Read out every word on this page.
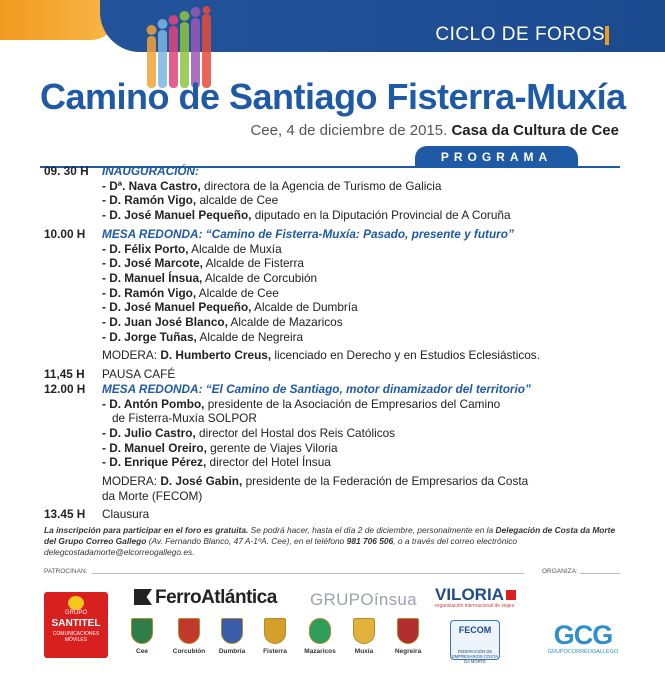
CICLO DE FOROS
Camino de Santiago Fisterra-Muxía
Cee, 4 de diciembre de 2015. Casa da Cultura de Cee
PROGRAMA
09. 30 H INAUGURACIÓN:
- Dª. Nava Castro, directora de la Agencia de Turismo de Galicia
- D. Ramón Vigo, alcalde de Cee
- D. José Manuel Pequeño, diputado en la Diputación Provincial de A Coruña
10.00 H MESA REDONDA: “Camino de Fisterra-Muxía: Pasado, presente y futuro”
- D. Félix Porto, Alcalde de Muxía
- D. José Marcote, Alcalde de Fisterra
- D. Manuel Ínsua, Alcalde de Corcubión
- D. Ramón Vigo, Alcalde de Cee
- D. José Manuel Pequeño, Alcalde de Dumbría
- D. Juan José Blanco, Alcalde de Mazaricos
- D. Jorge Tuñas, Alcalde de Negreira
MODERA: D. Humberto Creus, licenciado en Derecho y en Estudios Eclesiásticos.
11,45 H PAUSA CAFÉ
12.00 H MESA REDONDA: “El Camino de Santiago, motor dinamizador del territorio”
- D. Antón Pombo, presidente de la Asociación de Empresarios del Camino
de Fisterra-Muxía SOLPOR
- D. Julio Castro, director del Hostal dos Reis Católicos
- D. Manuel Oreiro, gerente de Viajes Viloria
- D. Enrique Pérez, director del Hotel Ínsua
MODERA: D. José Gabin, presidente de la Federación de Empresarios da Costa
da Morte (FECOM)
13.45 H Clausura
La inscripción para participar en el foro es gratuita. Se podrá hacer, hasta el día 2 de diciembre, personalmente en la Delegación de Costa da Morte del Grupo Correo Gallego (Av. Fernando Blanco, 47 A-1ºA. Cee), en el teléfono 981 706 506, o a través del correo electrónico delegcostadamorte@elcorreogallego.es.
PATROCINAN:	ORGANIZA:
GRUPO
SANTITEL
COMUNICACIONES MÓVILES
FerroAtlántica GRUPOínsua VILORIA
organización internacional de viajes
Cee	Corcubión	Dumbría	Fisterra	Mazaricos	Muxía	Negreira
FECOM
FEDERACIÓN DE EMPRESARIOS COSTA DA MORTE
GCG
GRUPOCORREOGALLEGO
